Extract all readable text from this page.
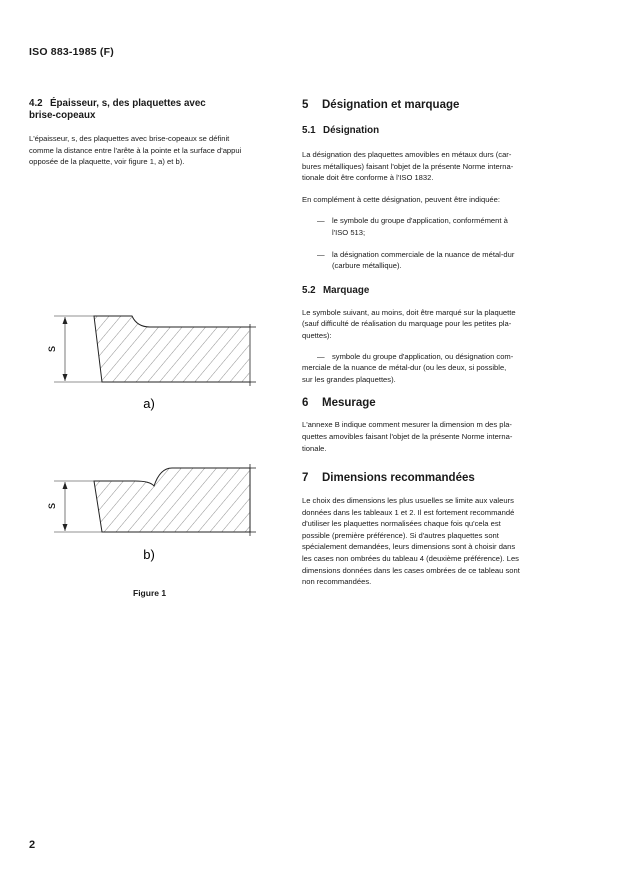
ISO 883-1985 (F)
4.2 Épaisseur, s, des plaquettes avec
brise-copeaux

L'épaisseur, s, des plaquettes avec brise-copeaux se définit
comme la distance entre l'arête à la pointe et la surface d'appui
opposée de la plaquette, voir figure 1, a) et b).

s
a)
s
b)
Figure 1
5 Désignation et marquage
5.1 Désignation

La désignation des plaquettes amovibles en métaux durs (car-
bures métalliques) faisant l'objet de la présente Norme interna-
tionale doit être conforme à l'ISO 1832.

En complément à cette désignation, peuvent être indiquée:

— le symbole du groupe d'application, conformément à
l'ISO 513;
— la désignation commerciale de la nuance de métal-dur
(carbure métallique).
5.2 Marquage

Le symbole suivant, au moins, doit être marqué sur la plaquette
(sauf difficulté de réalisation du marquage pour les petites pla-
quettes):

— symbole du groupe d'application, ou désignation com-

merciale de la nuance de métal-dur (ou les deux, si possible,
sur les grandes plaquettes).

6 Mesurage

L'annexe B indique comment mesurer la dimension m des pla-
quettes amovibles faisant l'objet de la présente Norme interna-
tionale.

7 Dimensions recommandées

Le choix des dimensions les plus usuelles se limite aux valeurs
données dans les tableaux 1 et 2. Il est fortement recommandé
d'utiliser les plaquettes normalisées chaque fois qu'cela est
possible (première préférence). Si d'autres plaquettes sont
spécialement demandées, leurs dimensions sont à choisir dans
les cases non ombrées du tableau 4 (deuxième préférence). Les
dimensions données dans les cases ombrées de ce tableau sont
non recommandées.

2
